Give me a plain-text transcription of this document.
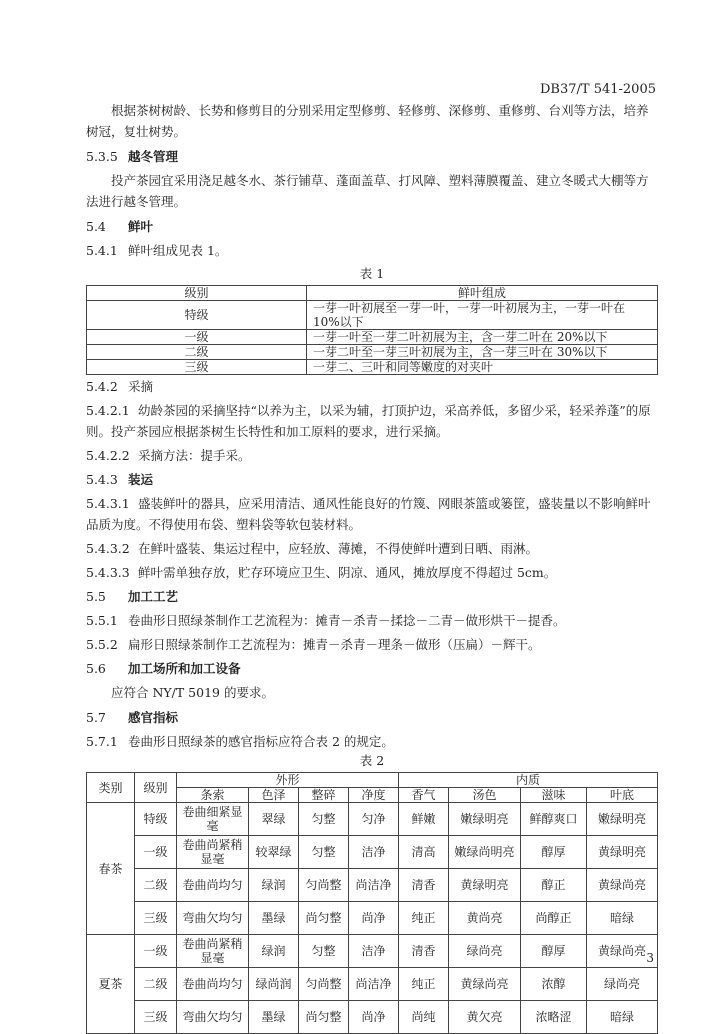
DB37/T 541-2005

根据茶树树龄、长势和修剪目的分别采用定型修剪、轻修剪、深修剪、重修剪、台刈等方法，培养树冠，复壮树势。

5.3.5 越冬管理

投产茶园宜采用浇足越冬水、茶行铺草、蓬面盖草、打风障、塑料薄膜覆盖、建立冬暖式大棚等方法进行越冬管理。

5.4 鲜叶

5.4.1 鲜叶组成见表 1。

表 1
级别	鲜叶组成
特级	一芽一叶初展至一芽一叶，一芽一叶初展为主，一芽一叶在 10%以下
一级	一芽一叶至一芽二叶初展为主，含一芽二叶在 20%以下
二级	一芽二叶至一芽三叶初展为主，含一芽三叶在 30%以下
三级	一芽二、三叶和同等嫩度的对夹叶
5.4.2 采摘

5.4.2.1 幼龄茶园的采摘坚持“以养为主，以采为辅，打顶护边，采高养低，多留少采，轻采养蓬”的原则。投产茶园应根据茶树生长特性和加工原料的要求，进行采摘。

5.4.2.2 采摘方法：提手采。

5.4.3 装运

5.4.3.1 盛装鲜叶的器具，应采用清洁、通风性能良好的竹篾、网眼茶篮或篓筐，盛装量以不影响鲜叶品质为度。不得使用布袋、塑料袋等软包装材料。

5.4.3.2 在鲜叶盛装、集运过程中，应轻放、薄摊，不得使鲜叶遭到日晒、雨淋。

5.4.3.3 鲜叶需单独存放，贮存环境应卫生、阴凉、通风，摊放厚度不得超过 5cm。

5.5 加工工艺

5.5.1 卷曲形日照绿茶制作工艺流程为：摊青－杀青－揉捻－二青－做形烘干－提香。

5.5.2 扁形日照绿茶制作工艺流程为：摊青－杀青－理条－做形（压扁）－辉干。

5.6 加工场所和加工设备

应符合 NY/T 5019 的要求。

5.7 感官指标

5.7.1 卷曲形日照绿茶的感官指标应符合表 2 的规定。

表 2
类别	级别	外形				内质			
		条索	色泽	整碎	净度	香气	汤色	滋味	叶底
春茶	特级	卷曲细紧显毫	翠绿	匀整	匀净	鲜嫩	嫩绿明亮	鲜醇爽口	嫩绿明亮
	一级	卷曲尚紧稍显毫	较翠绿	匀整	洁净	清高	嫩绿尚明亮	醇厚	黄绿明亮
	二级	卷曲尚均匀	绿润	匀尚整	尚洁净	清香	黄绿明亮	醇正	黄绿尚亮
	三级	弯曲欠均匀	墨绿	尚匀整	尚净	纯正	黄尚亮	尚醇正	暗绿
夏茶	一级	卷曲尚紧稍显毫	绿润	匀整	洁净	清香	绿尚亮	醇厚	黄绿尚亮
	二级	卷曲尚均匀	绿尚润	匀尚整	尚洁净	纯正	黄绿尚亮	浓醇	绿尚亮
	三级	弯曲欠均匀	墨绿	尚匀整	尚净	尚纯	黄欠亮	浓略涩	暗绿
3
